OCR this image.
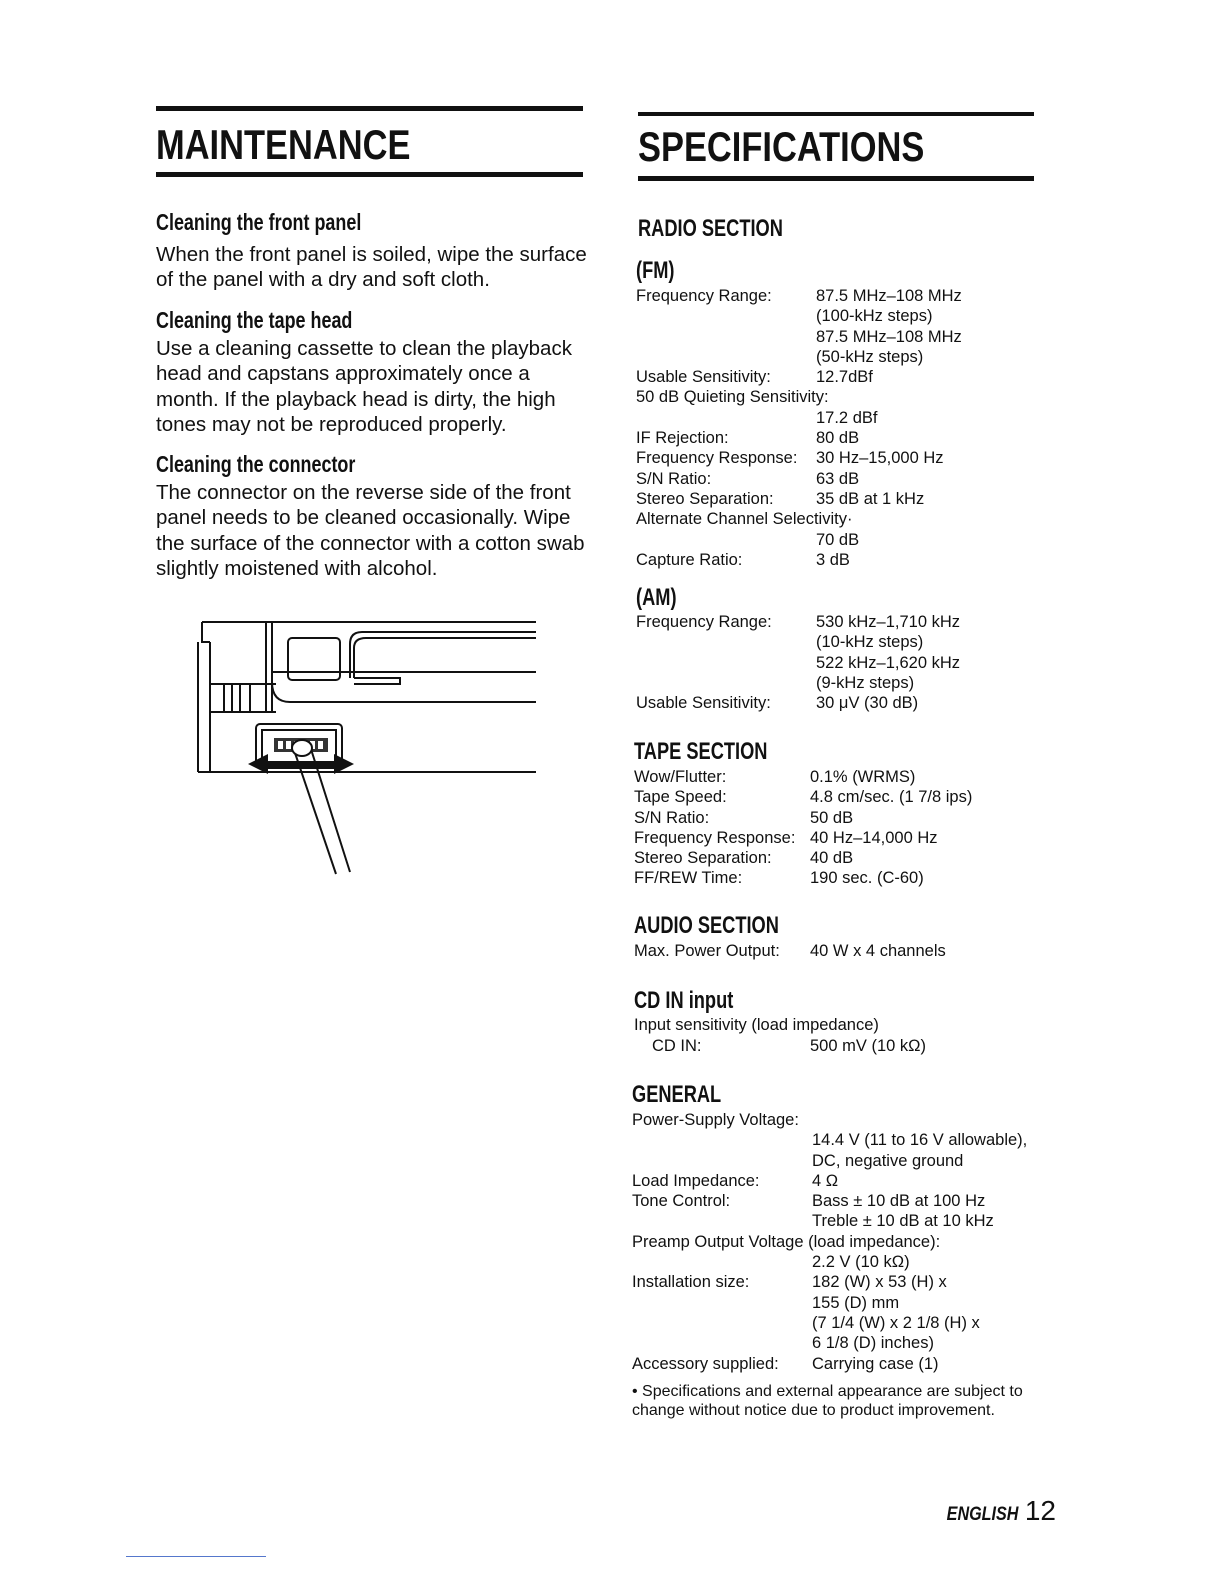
MAINTENANCE
Cleaning the front panel

When the front panel is soiled, wipe the surface of the panel with a dry and soft cloth.

Cleaning the tape head

Use a cleaning cassette to clean the playback head and capstans approximately once a month. If the playback head is dirty, the high tones may not be reproduced properly.

Cleaning the connector

The connector on the reverse side of the front panel needs to be cleaned occasionally. Wipe the surface of the connector with a cotton swab slightly moistened with alcohol.

SPECIFICATIONS
RADIO SECTION
(FM)
Frequency Range:	87.5 MHz–108 MHz
(100-kHz steps)
87.5 MHz–108 MHz
(50-kHz steps)
Usable Sensitivity:	12.7dBf
50 dB Quieting Sensitivity:
17.2 dBf
IF Rejection:	80 dB
Frequency Response: 30 Hz–15,000 Hz
S/N Ratio:	63 dB
Stereo Separation:	35 dB at 1 kHz
Alternate Channel Selectivity·
70 dB
Capture Ratio:	3 dB
(AM)
Frequency Range:	530 kHz–1,710 kHz
(10-kHz steps)
522 kHz–1,620 kHz
(9-kHz steps)
Usable Sensitivity:	30 μV (30 dB)
TAPE SECTION
Wow/Flutter:	0.1% (WRMS)
Tape Speed:	4.8 cm/sec. (1 7/8 ips)
S/N Ratio:	50 dB
Frequency Response: 40 Hz–14,000 Hz
Stereo Separation: 40 dB
FF/REW Time:	190 sec. (C-60)
AUDIO SECTION
Max. Power Output: 40 W x 4 channels
CD IN input

Input sensitivity (load impedance)

CD IN:	500 mV (10 kΩ)
GENERAL
Power-Supply Voltage:
14.4 V (11 to 16 V allowable),
DC, negative ground
Load Impedance:	4 Ω
Tone Control:	Bass ± 10 dB at 100 Hz
Treble ± 10 dB at 10 kHz
Preamp Output Voltage (load impedance):
2.2 V (10 kΩ)
Installation size:	182 (W) x 53 (H) x
155 (D) mm
(7 1/4 (W) x 2 1/8 (H) x
6 1/8 (D) inches)
Accessory supplied: Carrying case (1)

• Specifications and external appearance are subject to change without notice due to product improvement.

ENGLISH 12
